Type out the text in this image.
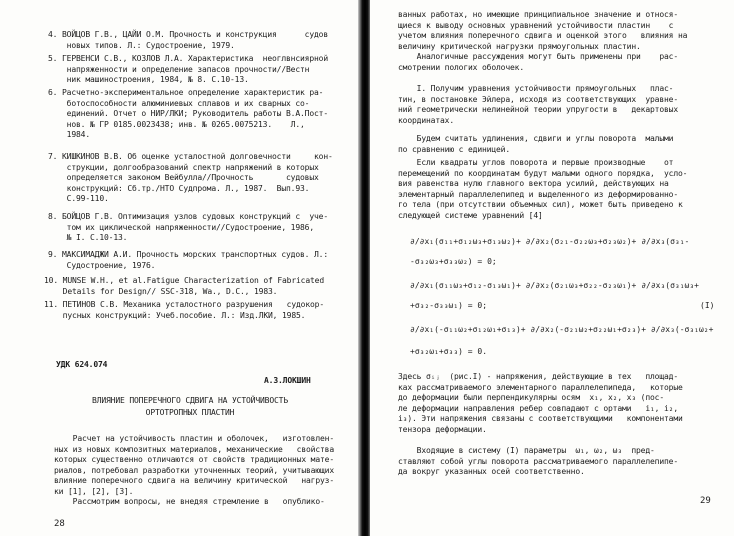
4. ВОЙЦОВ Г.В., ЦАЙИ О.М. Прочность и конструкция      судов
новых типов. Л.: Судостроение, 1979.
5. ГЕРВЕНСИ С.В., КОЗЛОВ Л.А. Характеристика  неоглвнсиярной
напряженности и определение запасов прочности//Вестн
ник машиностроения, 1984, № 8. С.10-13.
6. Расчетно-экспериментальное определение характеристик ра-
ботоспособности алюминиевых сплавов и их сварных со-
единений. Отчет о НИР/ЛКИ; Руководитель работы В.А.Пост-
нов. № ГР 0185.0023438; инв. № 0265.0075213.    Л.,
1984.
7. КИШКИНОВ В.В. Об оценке усталостной долговечности     кон-
струкции, долгообразований спектр напряжений в которых
определяется законом Вейбулла//Прочность       судовых
конструкций: Сб.тр./НТО Судпрома. Л., 1987.  Вып.93.
С.99-110.
8. БОЙЦОВ Г.В. Оптимизация узлов судовых конструкций с  уче-
том их циклической напряженности//Судостроение, 1986,
№ I. С.10-13.
9. МАКСИМАДЖИ А.И. Прочность морских транспортных судов. Л.:
Судостроение, 1976.
10. MUNSE W.H., et al.Fatigue Characterization of Fabricated
Details for Design// SSC-318, Wa., D.C., 1983.
11. ПЕТИНОВ С.В. Механика усталостного разрушения   судокор-
пусных конструкций: Учеб.пособие. Л.: Изд.ЛКИ, 1985.
УДК 624.074
А.З.ЛОКШИН
ВЛИЯНИЕ ПОПЕРЕЧНОГО СДВИГА НА УСТОЙЧИВОСТЬ
ОРТОТРОПНЫХ ПЛАСТИН
Расчет на устойчивость пластин и оболочек,   изготовлен-
ных из новых композитных материалов, механические   свойства
которых существенно отличаются от свойств традиционных мате-
риалов, потребовал разработки уточненных теорий, учитывающих
влияние поперечного сдвига на величину критической   нагруз-
ки [1], [2], [3].
Рассмотрим вопросы, не внедяя стремление в   опубликo-
28
ванных работах, но имеющие принципиальное значение и относя-
щиеся к выводу основных уравнений устойчивости пластин    с
учетом влияния поперечного сдвига и оценкой этого   влияния на
величину критической нагрузки прямоугольных пластин.
Аналогичные рассуждения могут быть применены при    рас-
смотрении пологих оболочек.
I. Получим уравнения устойчивости прямоугольных   плас-
тин, в постановке Эйлера, исходя из соответствующих  уравне-
ний геометрически нелинейной теории упругости в   декартовых
координатах.
Будем считать удлинения, сдвиги и углы поворота  малыми
по сравнению с единицей.
Если квадраты углов поворота и первые производные    от
перемещений по координатам будут малыми одного порядка,  усло-
вия равенства нулю главного вектора усилий, действующих на
элементарный параллелепипед и выделенного из деформированно-
го тела (при отсутствии объемных сил), может быть приведено к
следующей системе уравнений [4]
∂/∂x₁(σ₁₁+σ₁₂ω₃+σ₁₃ω₂)+ ∂/∂x₂(σ₂₁-σ₂₂ω₃+σ₂₃ω₂)+ ∂/∂x₃(σ₃₁-
-σ₃₂ω₃+σ₃₃ω₂) = 0;
∂/∂x₁(σ₁₁ω₃+σ₁₂-σ₁₃ω₁)+ ∂/∂x₂(σ₂₁ω₃+σ₂₂-σ₂₃ω₁)+ ∂/∂x₃(σ₃₁ω₃+
+σ₃₂-σ₃₃ω₁) = 0;	(I)
∂/∂x₁(-σ₁₁ω₂+σ₁₂ω₁+σ₁₃)+ ∂/∂x₂(-σ₂₁ω₂+σ₂₂ω₁+σ₂₃)+ ∂/∂x₃(-σ₃₁ω₂+
+σ₃₂ω₁+σ₃₃) = 0.
Здесь σᵢⱼ  (рис.I) - напряжения, действующие в тех   площад-
ках рассматриваемого элементарного параллелепипеда,   которые
до деформации были перпендикулярны осям  x₁, x₂, x₃ (пос-
ле деформации направления ребер совпадают с ортами   i₁, i₂,
i₃). Эти напряжения связаны с соответствующими   компонентами
тензора деформации.
Входящие в систему (I) параметры  ω₁, ω₂, ω₃  пред-
ставляют собой углы поворота рассматриваемого параллелепипе-
да вокруг указанных осей соответственно.
29
